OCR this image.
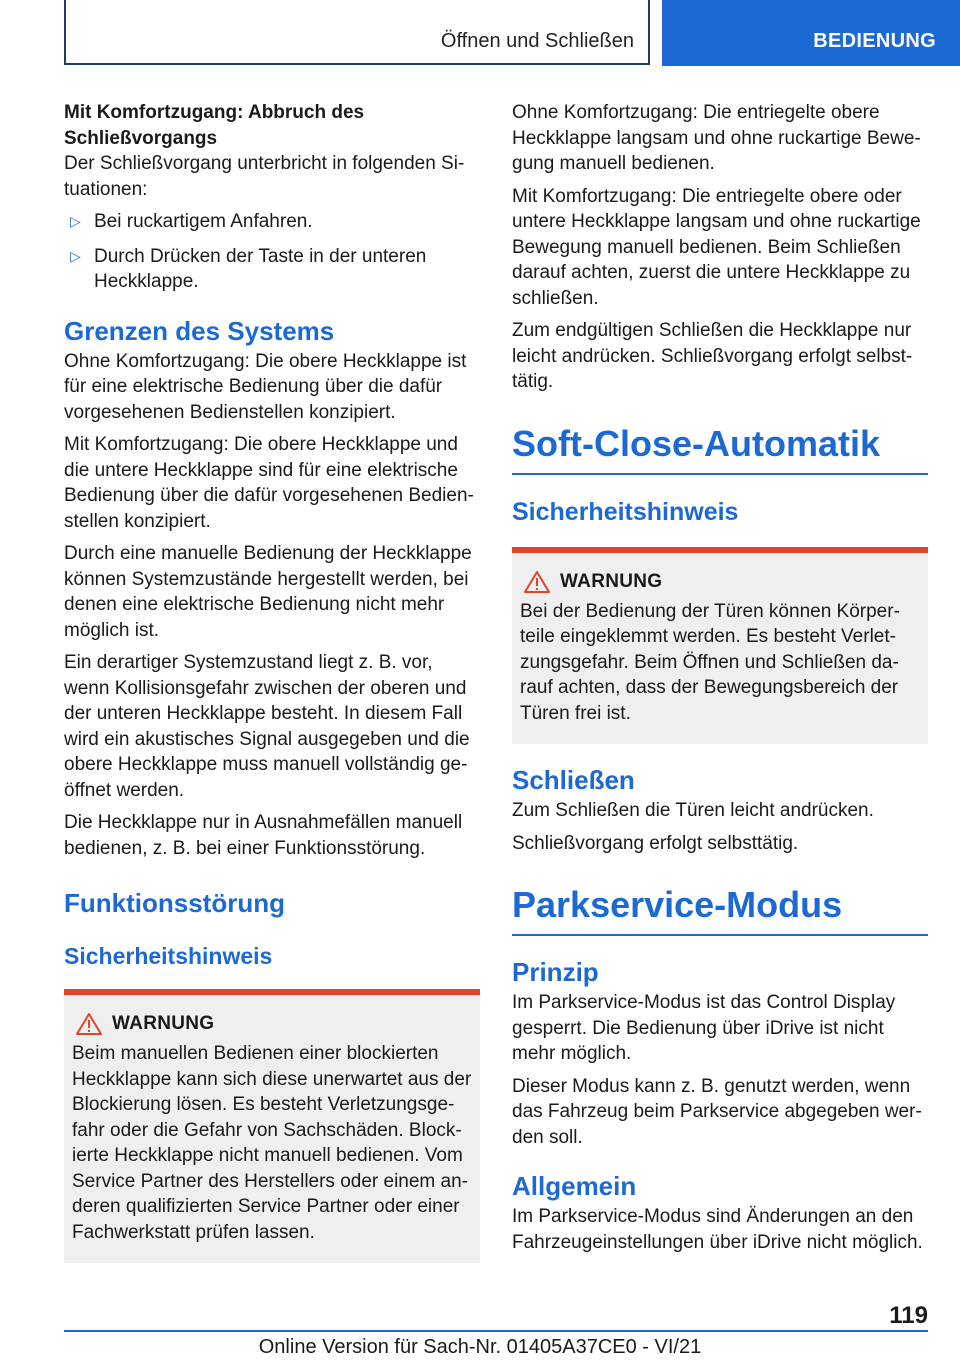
Öffnen und Schließen	BEDIENUNG

Mit Komfortzugang: Abbruch des Schließvorgangs

Der Schließvorgang unterbricht in folgenden Si-tuationen:

▷ Bei ruckartigem Anfahren.
▷ Durch Drücken der Taste in der unteren Heckklappe.
Grenzen des Systems

Ohne Komfortzugang: Die obere Heckklappe ist für eine elektrische Bedienung über die dafür vorgesehenen Bedienstellen konzipiert.

Mit Komfortzugang: Die obere Heckklappe und die untere Heckklappe sind für eine elektrische Bedienung über die dafür vorgesehenen Bedien-stellen konzipiert.

Durch eine manuelle Bedienung der Heckklappe können Systemzustände hergestellt werden, bei denen eine elektrische Bedienung nicht mehr möglich ist.

Ein derartiger Systemzustand liegt z. B. vor, wenn Kollisionsgefahr zwischen der oberen und der unteren Heckklappe besteht. In diesem Fall wird ein akustisches Signal ausgegeben und die obere Heckklappe muss manuell vollständig ge-öffnet werden.

Die Heckklappe nur in Ausnahmefällen manuell bedienen, z. B. bei einer Funktionsstörung.

Funktionsstörung
Sicherheitshinweis
WARNUNG

Beim manuellen Bedienen einer blockierten Heckklappe kann sich diese unerwartet aus der Blockierung lösen. Es besteht Verletzungsge-fahr oder die Gefahr von Sachschäden. Block-ierte Heckklappe nicht manuell bedienen. Vom Service Partner des Herstellers oder einem an-deren qualifizierten Service Partner oder einer Fachwerkstatt prüfen lassen.

Ohne Komfortzugang: Die entriegelte obere Heckklappe langsam und ohne ruckartige Bewe-gung manuell bedienen.

Mit Komfortzugang: Die entriegelte obere oder untere Heckklappe langsam und ohne ruckartige Bewegung manuell bedienen. Beim Schließen darauf achten, zuerst die untere Heckklappe zu schließen.

Zum endgültigen Schließen die Heckklappe nur leicht andrücken. Schließvorgang erfolgt selbst-tätig.

Soft-Close-Automatik
Sicherheitshinweis
WARNUNG

Bei der Bedienung der Türen können Körper-teile eingeklemmt werden. Es besteht Verlet-zungsgefahr. Beim Öffnen und Schließen da-rauf achten, dass der Bewegungsbereich der Türen frei ist.

Schließen

Zum Schließen die Türen leicht andrücken.

Schließvorgang erfolgt selbsttätig.

Parkservice-Modus
Prinzip

Im Parkservice-Modus ist das Control Display gesperrt. Die Bedienung über iDrive ist nicht mehr möglich.

Dieser Modus kann z. B. genutzt werden, wenn das Fahrzeug beim Parkservice abgegeben wer-den soll.

Allgemein

Im Parkservice-Modus sind Änderungen an den Fahrzeugeinstellungen über iDrive nicht möglich.

119
Online Version für Sach-Nr. 01405A37CE0 - VI/21
